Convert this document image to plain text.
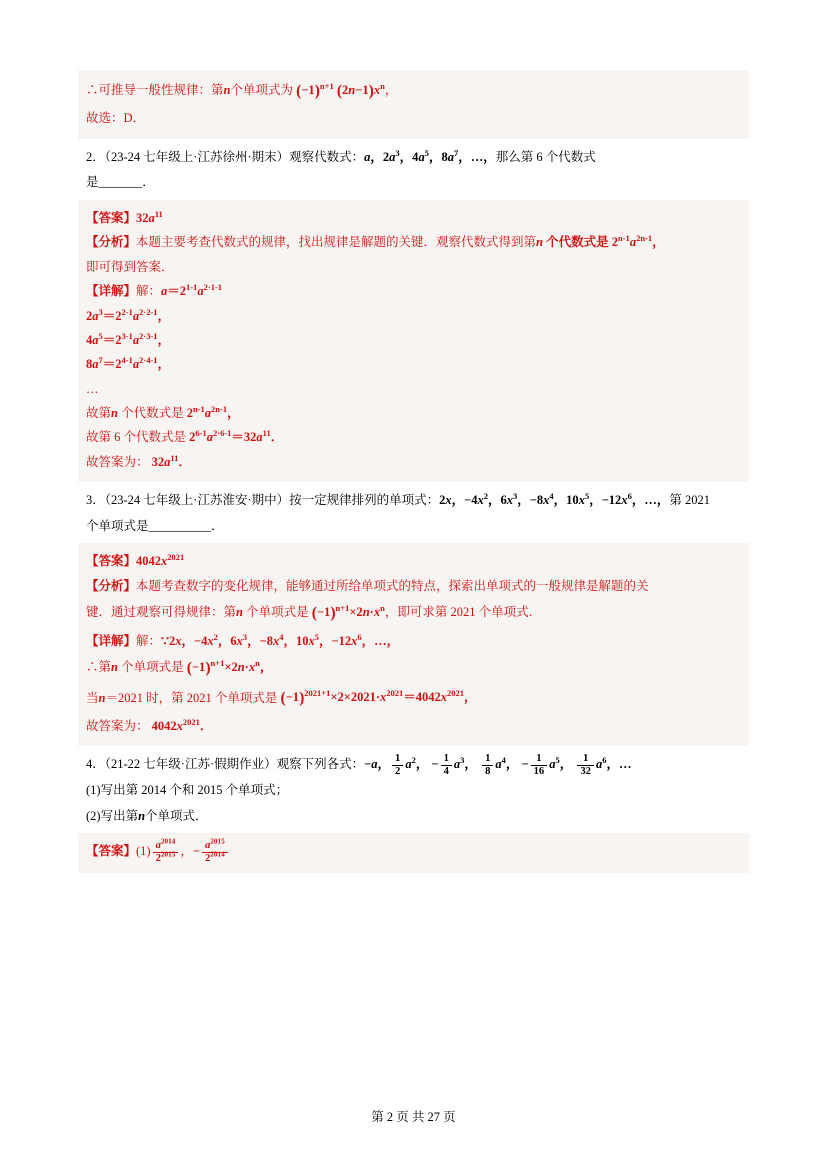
∴可推导一般性规律：第n个单项式为 $(-1)^{n+1}$ $(2n-1)x^n$，
故选：D．
2．（23-24 七年级上·江苏徐州·期末）观察代数式：a，$2a^3$，$4a^5$，$8a^7$，…，那么第 6 个代数式
是_______．
【答案】$32a^{11}$
【分析】本题主要考查代数式的规律，找出规律是解题的关键．观察代数式得到第n 个代数式是 $2^{n-1}a^{2n-1}$，
即可得到答案．
【详解】解：$a=2^{1-1}a^{2\cdot 1-1}$
$2a^3=2^{2-1}a^{2\cdot 2-1}$，
$4a^5=2^{3-1}a^{2\cdot 3-1}$，
$8a^7=2^{4-1}a^{2\cdot 4-1}$，
…
故第n 个代数式是 $2^{n-1}a^{2n-1}$，
故第 6 个代数式是 $2^{6-1}a^{2\cdot 6-1}=32a^{11}$．
故答案为： $32a^{11}$．
3．（23-24 七年级上·江苏淮安·期中）按一定规律排列的单项式：2x，$-4x^2$，$6x^3$，$-8x^4$，$10x^5$，$-12x^6$，…，第 2021
个单项式是__________．
【答案】$4042x^{2021}$
【分析】本题考查数字的变化规律，能够通过所给单项式的特点，探索出单项式的一般规律是解题的关
键．通过观察可得规律：第n 个单项式是 $(-1)^{n+1}\times 2n\cdot x^n$，即可求第 2021 个单项式．
【详解】解：∵2x，$-4x^2$，$6x^3$，$-8x^4$，$10x^5$，$-12x^6$，…，
∴第n 个单项式是 $(-1)^{n+1}\times 2n\cdot x^n$，
当n＝2021 时，第 2021 个单项式是 $(-1)^{2021+1}\times 2\times 2021\cdot x^{2021}=4042x^{2021}$，
故答案为： $4042x^{2021}$．
4．（21-22 七年级·江苏·假期作业）观察下列各式：−a， $\frac{1}{2} a^2$， − $\frac{1}{4} a^3$， $\frac{1}{8} a^4$， − $\frac{1}{16} a^5$， $\frac{1}{32} a^6$，…
(1)写出第 2014 个和 2015 个单项式；
(2)写出第n个单项式．
【答案】$(1) \frac{a^{2014}}{2^{2015}}$ ，− $\frac{a^{2015}}{2^{2014}}$
第 2 页 共 27 页
